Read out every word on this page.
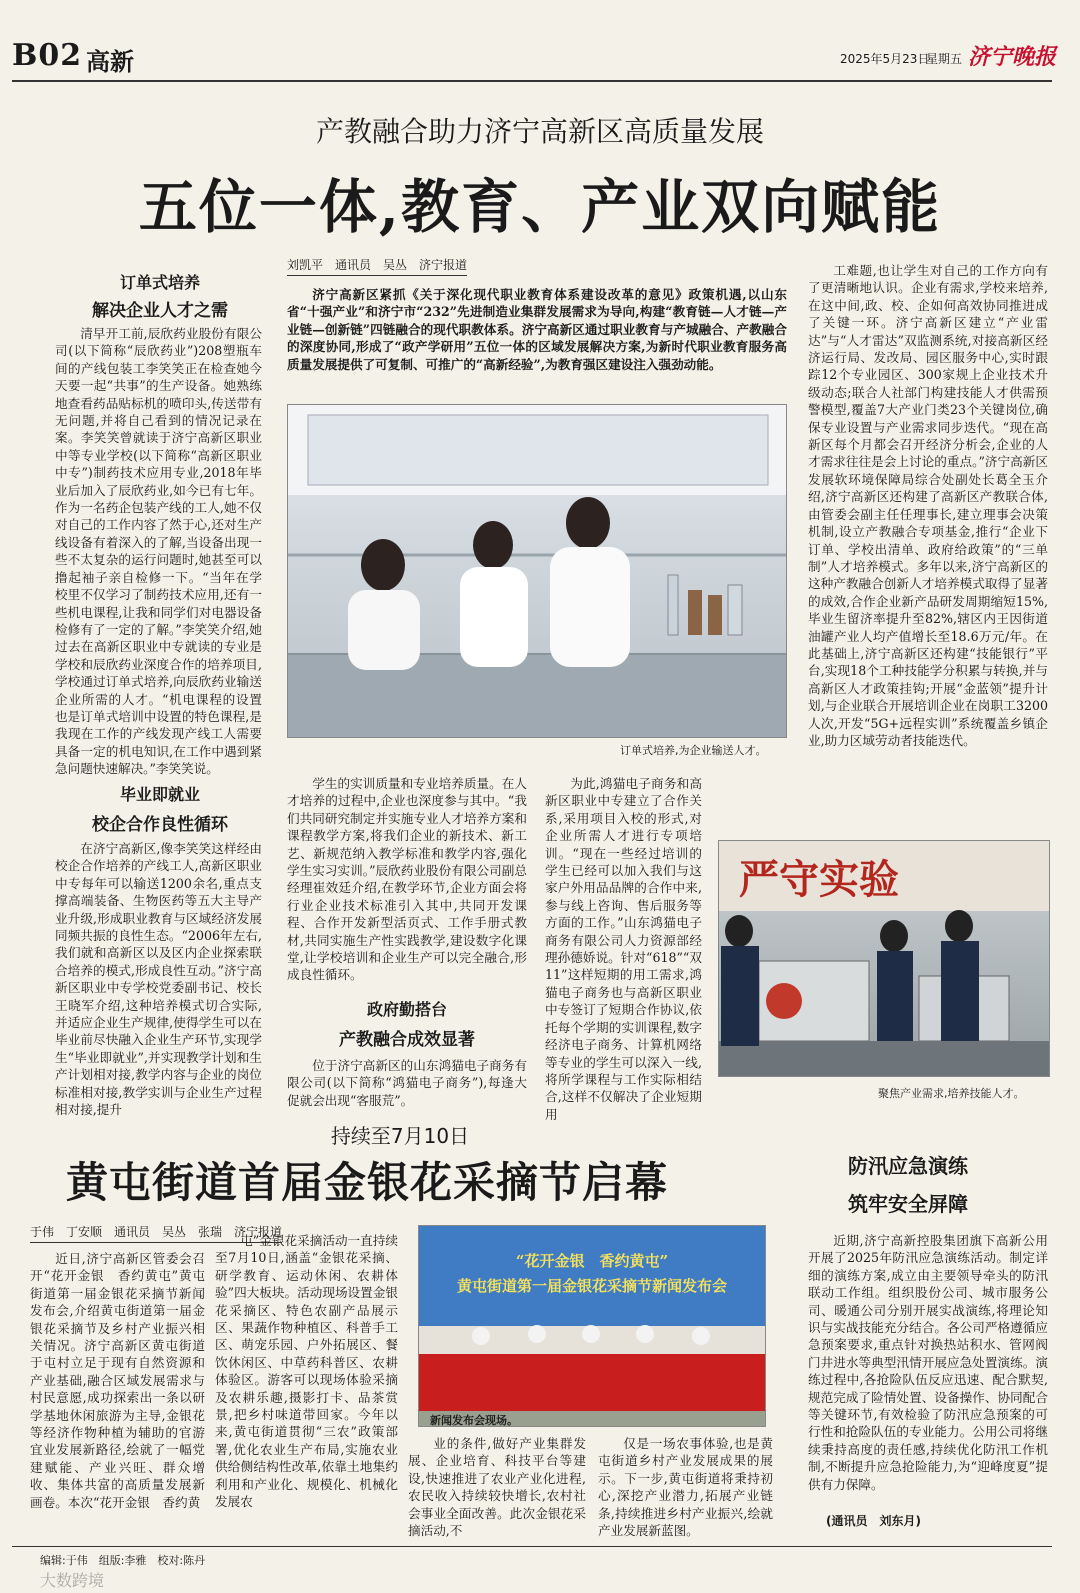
B02 高新	2025年5月23日
星期五 济宁晚报
产教融合助力济宁高新区高质量发展
五位一体,教育、产业双向赋能
订单式培养
解决企业人才之需
清早开工前,辰欣药业股份有限公司(以下简称“辰欣药业”)208塑瓶车间的产线包装工李笑笑正在检查她今天要一起“共事”的生产设备。她熟练地查看药品贴标机的喷印头,传送带有无问题,并将自己看到的情况记录在案。李笑笑曾就读于济宁高新区职业中等专业学校(以下简称“高新区职业中专”)制药技术应用专业,2018年毕业后加入了辰欣药业,如今已有七年。作为一名药企包装产线的工人,她不仅对自己的工作内容了然于心,还对生产线设备有着深入的了解,当设备出现一些不太复杂的运行问题时,她甚至可以撸起袖子亲自检修一下。“当年在学校里不仅学习了制药技术应用,还有一些机电课程,让我和同学们对电器设备检修有了一定的了解。”李笑笑介绍,她过去在高新区职业中专就读的专业是学校和辰欣药业深度合作的培养项目,学校通过订单式培养,向辰欣药业输送企业所需的人才。“机电课程的设置也是订单式培训中设置的特色课程,是我现在工作的产线发现产线工人需要具备一定的机电知识,在工作中遇到紧急问题快速解决。”李笑笑说。
毕业即就业
校企合作良性循环
在济宁高新区,像李笑笑这样经由校企合作培养的产线工人,高新区职业中专每年可以输送1200余名,重点支撑高端装备、生物医药等五大主导产业升级,形成职业教育与区域经济发展同频共振的良性生态。“2006年左右,我们就和高新区以及区内企业探索联合培养的模式,形成良性互动。”济宁高新区职业中专学校党委副书记、校长王晓军介绍,这种培养模式切合实际,并适应企业生产规律,使得学生可以在毕业前尽快融入企业生产环节,实现学生“毕业即就业”,并实现教学计划和生产计划相对接,教学内容与企业的岗位标准相对接,教学实训与企业生产过程相对接,提升
刘凯平　通讯员　吴丛　济宁报道
济宁高新区紧抓《关于深化现代职业教育体系建设改革的意见》政策机遇,以山东省“十强产业”和济宁市“232”先进制造业集群发展需求为导向,构建“教育链—人才链—产业链—创新链”四链融合的现代职教体系。济宁高新区通过职业教育与产城融合、产教融合的深度协同,形成了“政产学研用”五位一体的区域发展解决方案,为新时代职业教育服务高质量发展提供了可复制、可推广的“高新经验”,为教育强区建设注入强劲动能。
订单式培养,为企业输送人才。
学生的实训质量和专业培养质量。在人才培养的过程中,企业也深度参与其中。“我们共同研究制定并实施专业人才培养方案和课程教学方案,将我们企业的新技术、新工艺、新规范纳入教学标准和教学内容,强化学生实习实训。”辰欣药业股份有限公司副总经理崔效廷介绍,在教学环节,企业方面会将行业企业技术标准引入其中,共同开发课程、合作开发新型活页式、工作手册式教材,共同实施生产性实践教学,建设数字化课堂,让学校培训和企业生产可以完全融合,形成良性循环。
政府勤搭台
产教融合成效显著
位于济宁高新区的山东鸿猫电子商务有限公司(以下简称“鸿猫电子商务”),每逢大促就会出现“客服荒”。
为此,鸿猫电子商务和高新区职业中专建立了合作关系,采用项目入校的形式,对企业所需人才进行专项培训。“现在一些经过培训的学生已经可以加入我们与这家户外用品品牌的合作中来,参与线上咨询、售后服务等方面的工作。”山东鸿猫电子商务有限公司人力资源部经理孙德娇说。针对“618”“双11”这样短期的用工需求,鸿猫电子商务也与高新区职业中专签订了短期合作协议,依托每个学期的实训课程,数字经济电子商务、计算机网络等专业的学生可以深入一线,将所学课程与工作实际相结合,这样不仅解决了企业短期用
工难题,也让学生对自己的工作方向有了更清晰地认识。企业有需求,学校来培养,在这中间,政、校、企如何高效协同推进成了关键一环。济宁高新区建立“产业雷达”与“人才雷达”双监测系统,对接高新区经济运行局、发改局、园区服务中心,实时跟踪12个专业园区、300家规上企业技术升级动态;联合人社部门构建技能人才供需预警模型,覆盖7大产业门类23个关键岗位,确保专业设置与产业需求同步迭代。“现在高新区每个月都会召开经济分析会,企业的人才需求往往是会上讨论的重点。”济宁高新区发展软环境保障局综合处副处长葛全玉介绍,济宁高新区还构建了高新区产教联合体,由管委会副主任任理事长,建立理事会决策机制,设立产教融合专项基金,推行“企业下订单、学校出清单、政府给政策”的“三单制”人才培养模式。多年以来,济宁高新区的这种产教融合创新人才培养模式取得了显著的成效,合作企业新产品研发周期缩短15%,毕业生留济率提升至82%,辖区内王因街道油罐产业人均产值增长至18.6万元/年。在此基础上,济宁高新区还构建“技能银行”平台,实现18个工种技能学分积累与转换,并与高新区人才政策挂钩;开展“金蓝领”提升计划,与企业联合开展培训企业在岗职工3200人次,开发“5G+远程实训”系统覆盖乡镇企业,助力区域劳动者技能迭代。
严守实验
聚焦产业需求,培养技能人才。
持续至7月10日
黄屯街道首届金银花采摘节启幕
于伟　丁安顺　通讯员　吴丛　张瑞　济宁报道
近日,济宁高新区管委会召开“花开金银　香约黄屯”黄屯街道第一届金银花采摘节新闻发布会,介绍黄屯街道第一届金银花采摘节及乡村产业振兴相关情况。济宁高新区黄屯街道于屯村立足于现有自然资源和产业基础,融合区域发展需求与村民意愿,成功探索出一条以研学基地休闲旅游为主导,金银花等经济作物种植为辅助的官游宜业发展新路径,绘就了一幅党建赋能、产业兴旺、群众增收、集体共富的高质量发展新画卷。本次“花开金银　香约黄
屯”金银花采摘活动一直持续至7月10日,涵盖“金银花采摘、研学教育、运动休闲、农耕体验”四大板块。活动现场设置金银花采摘区、特色农副产品展示区、果蔬作物种植区、科普手工区、萌宠乐园、户外拓展区、餐饮休闲区、中草药科普区、农耕体验区。游客可以现场体验采摘及农耕乐趣,摄影打卡、品茶赏景,把乡村味道带回家。今年以来,黄屯街道贯彻“三农”政策部署,优化农业生产布局,实施农业供给侧结构性改革,依靠土地集约利用和产业化、规模化、机械化发展农
“花开金银　香约黄屯”
黄屯街道第一届金银花采摘节新闻发布会
新闻发布会现场。
业的条件,做好产业集群发展、企业培育、科技平台等建设,快速推进了农业产业化进程,农民收入持续较快增长,农村社会事业全面改善。此次金银花采摘活动,不
仅是一场农事体验,也是黄屯街道乡村产业发展成果的展示。下一步,黄屯街道将秉持初心,深挖产业潜力,拓展产业链条,持续推进乡村产业振兴,绘就产业发展新蓝图。
防汛应急演练
筑牢安全屏障
近期,济宁高新控股集团旗下高新公用开展了2025年防汛应急演练活动。制定详细的演练方案,成立由主要领导牵头的防汛联动工作组。组织股份公司、城市服务公司、暖通公司分别开展实战演练,将理论知识与实战技能充分结合。各公司严格遵循应急预案要求,重点针对换热站积水、管网阀门井进水等典型汛情开展应急处置演练。演练过程中,各抢险队伍反应迅速、配合默契,规范完成了险情处置、设备操作、协同配合等关键环节,有效检验了防汛应急预案的可行性和抢险队伍的专业能力。公用公司将继续秉持高度的责任感,持续优化防汛工作机制,不断提升应急抢险能力,为“迎峰度夏”提供有力保障。
(通讯员　刘东月)
编辑:于伟　组版:李雅　校对:陈丹
大数跨境
